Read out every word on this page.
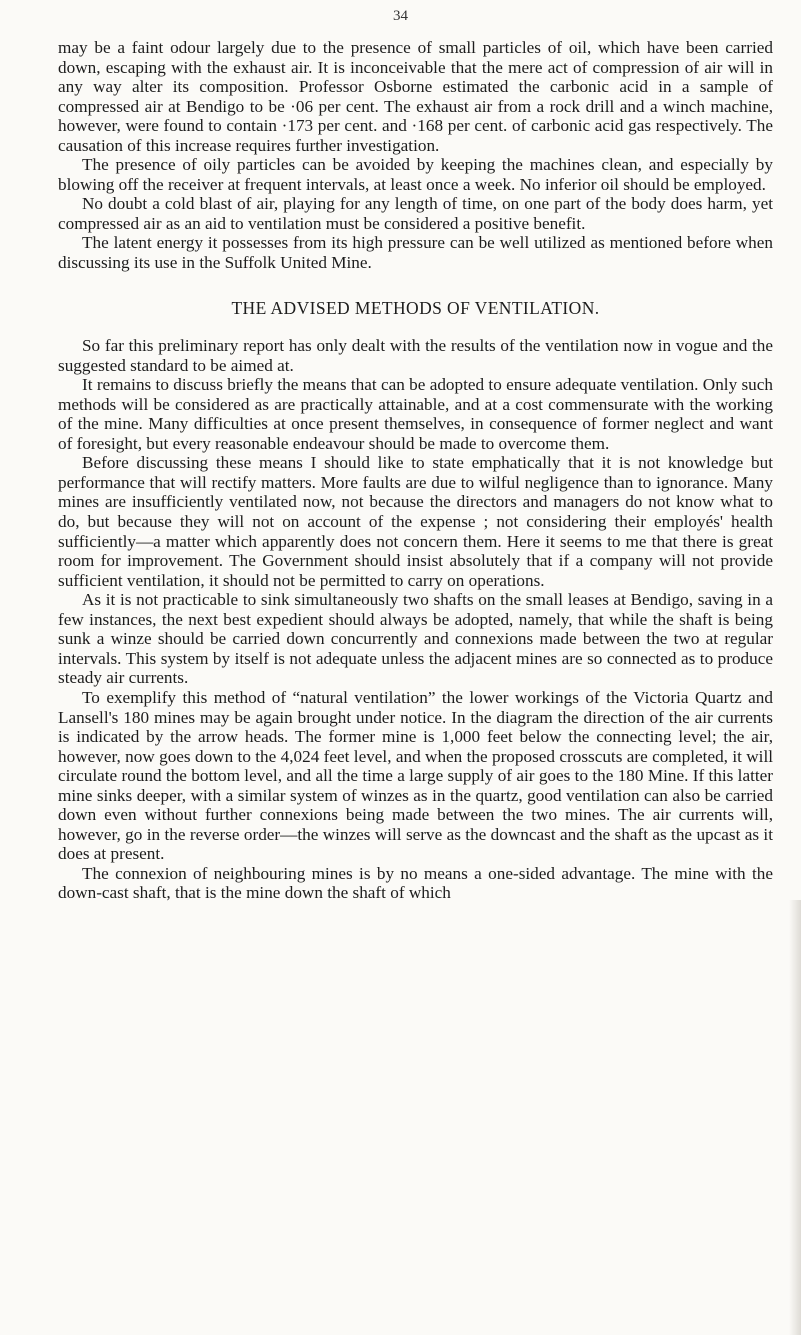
34

may be a faint odour largely due to the presence of small particles of oil, which have been carried down, escaping with the exhaust air. It is inconceivable that the mere act of compression of air will in any way alter its composition. Professor Osborne estimated the carbonic acid in a sample of compressed air at Bendigo to be ·06 per cent. The exhaust air from a rock drill and a winch machine, however, were found to contain ·173 per cent. and ·168 per cent. of carbonic acid gas respectively. The causation of this increase requires further investigation.

The presence of oily particles can be avoided by keeping the machines clean, and especially by blowing off the receiver at frequent intervals, at least once a week. No inferior oil should be employed.

No doubt a cold blast of air, playing for any length of time, on one part of the body does harm, yet compressed air as an aid to ventilation must be considered a positive benefit.

The latent energy it possesses from its high pressure can be well utilized as mentioned before when discussing its use in the Suffolk United Mine.

THE ADVISED METHODS OF VENTILATION.

So far this preliminary report has only dealt with the results of the ventilation now in vogue and the suggested standard to be aimed at.

It remains to discuss briefly the means that can be adopted to ensure adequate ventilation. Only such methods will be considered as are practically attainable, and at a cost commensurate with the working of the mine. Many difficulties at once present themselves, in consequence of former neglect and want of foresight, but every reasonable endeavour should be made to overcome them.

Before discussing these means I should like to state emphatically that it is not knowledge but performance that will rectify matters. More faults are due to wilful negligence than to ignorance. Many mines are insufficiently ventilated now, not because the directors and managers do not know what to do, but because they will not on account of the expense ; not considering their employés' health sufficiently—a matter which apparently does not concern them. Here it seems to me that there is great room for improvement. The Government should insist absolutely that if a company will not provide sufficient ventilation, it should not be permitted to carry on operations.

As it is not practicable to sink simultaneously two shafts on the small leases at Bendigo, saving in a few instances, the next best expedient should always be adopted, namely, that while the shaft is being sunk a winze should be carried down concurrently and connexions made between the two at regular intervals. This system by itself is not adequate unless the adjacent mines are so connected as to produce steady air currents.

To exemplify this method of “natural ventilation” the lower workings of the Victoria Quartz and Lansell's 180 mines may be again brought under notice. In the diagram the direction of the air currents is indicated by the arrow heads. The former mine is 1,000 feet below the connecting level; the air, however, now goes down to the 4,024 feet level, and when the proposed crosscuts are completed, it will circulate round the bottom level, and all the time a large supply of air goes to the 180 Mine. If this latter mine sinks deeper, with a similar system of winzes as in the quartz, good ventilation can also be carried down even without further connexions being made between the two mines. The air currents will, however, go in the reverse order—the winzes will serve as the downcast and the shaft as the upcast as it does at present.

The connexion of neighbouring mines is by no means a one-sided advantage. The mine with the down-cast shaft, that is the mine down the shaft of which
